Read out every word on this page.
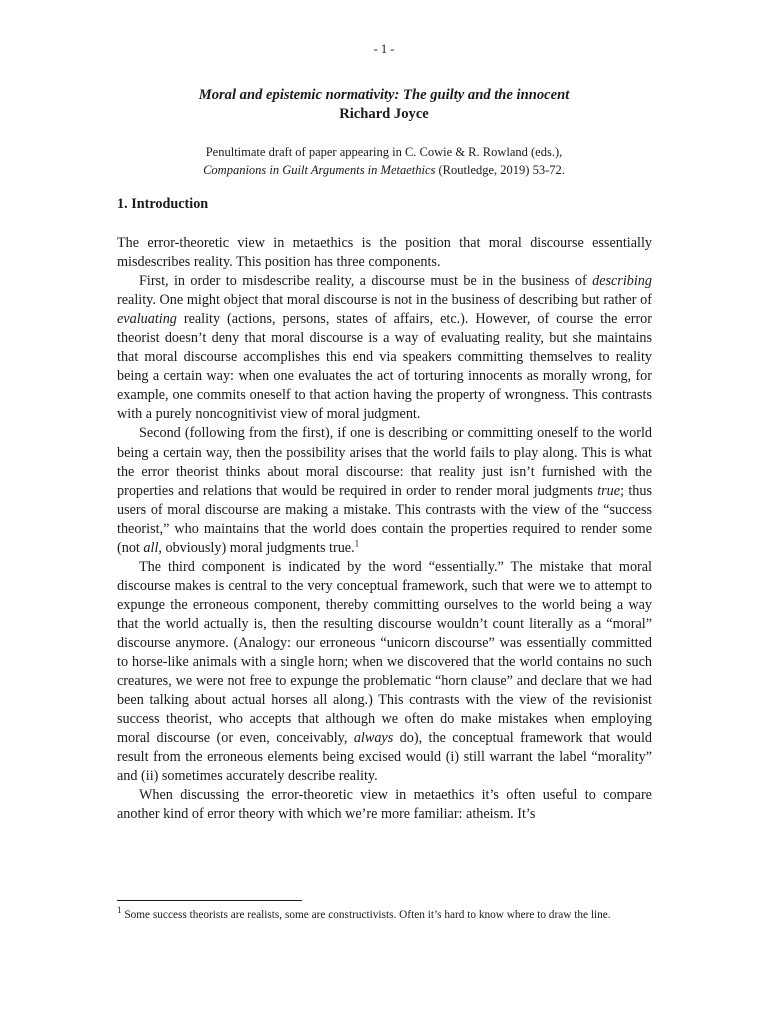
- 1 -
Moral and epistemic normativity: The guilty and the innocent
Richard Joyce
Penultimate draft of paper appearing in C. Cowie & R. Rowland (eds.),
Companions in Guilt Arguments in Metaethics (Routledge, 2019) 53-72.
1. Introduction

The error-theoretic view in metaethics is the position that moral discourse essentially misdescribes reality. This position has three components.

First, in order to misdescribe reality, a discourse must be in the business of describing reality. One might object that moral discourse is not in the business of describing but rather of evaluating reality (actions, persons, states of affairs, etc.). However, of course the error theorist doesn’t deny that moral discourse is a way of evaluating reality, but she maintains that moral discourse accomplishes this end via speakers committing themselves to reality being a certain way: when one evaluates the act of torturing innocents as morally wrong, for example, one commits oneself to that action having the property of wrongness. This contrasts with a purely noncognitivist view of moral judgment.

Second (following from the first), if one is describing or committing oneself to the world being a certain way, then the possibility arises that the world fails to play along. This is what the error theorist thinks about moral discourse: that reality just isn’t furnished with the properties and relations that would be required in order to render moral judgments true; thus users of moral discourse are making a mistake. This contrasts with the view of the “success theorist,” who maintains that the world does contain the properties required to render some (not all, obviously) moral judgments true.$^1$

The third component is indicated by the word “essentially.” The mistake that moral discourse makes is central to the very conceptual framework, such that were we to attempt to expunge the erroneous component, thereby committing ourselves to the world being a way that the world actually is, then the resulting discourse wouldn’t count literally as a “moral” discourse anymore. (Analogy: our erroneous “unicorn discourse” was essentially committed to horse-like animals with a single horn; when we discovered that the world contains no such creatures, we were not free to expunge the problematic “horn clause” and declare that we had been talking about actual horses all along.) This contrasts with the view of the revisionist success theorist, who accepts that although we often do make mistakes when employing moral discourse (or even, conceivably, always do), the conceptual framework that would result from the erroneous elements being excised would (i) still warrant the label “morality” and (ii) sometimes accurately describe reality.

When discussing the error-theoretic view in metaethics it’s often useful to compare another kind of error theory with which we’re more familiar: atheism. It’s

$^1$ Some success theorists are realists, some are constructivists. Often it’s hard to know where to draw the line.
